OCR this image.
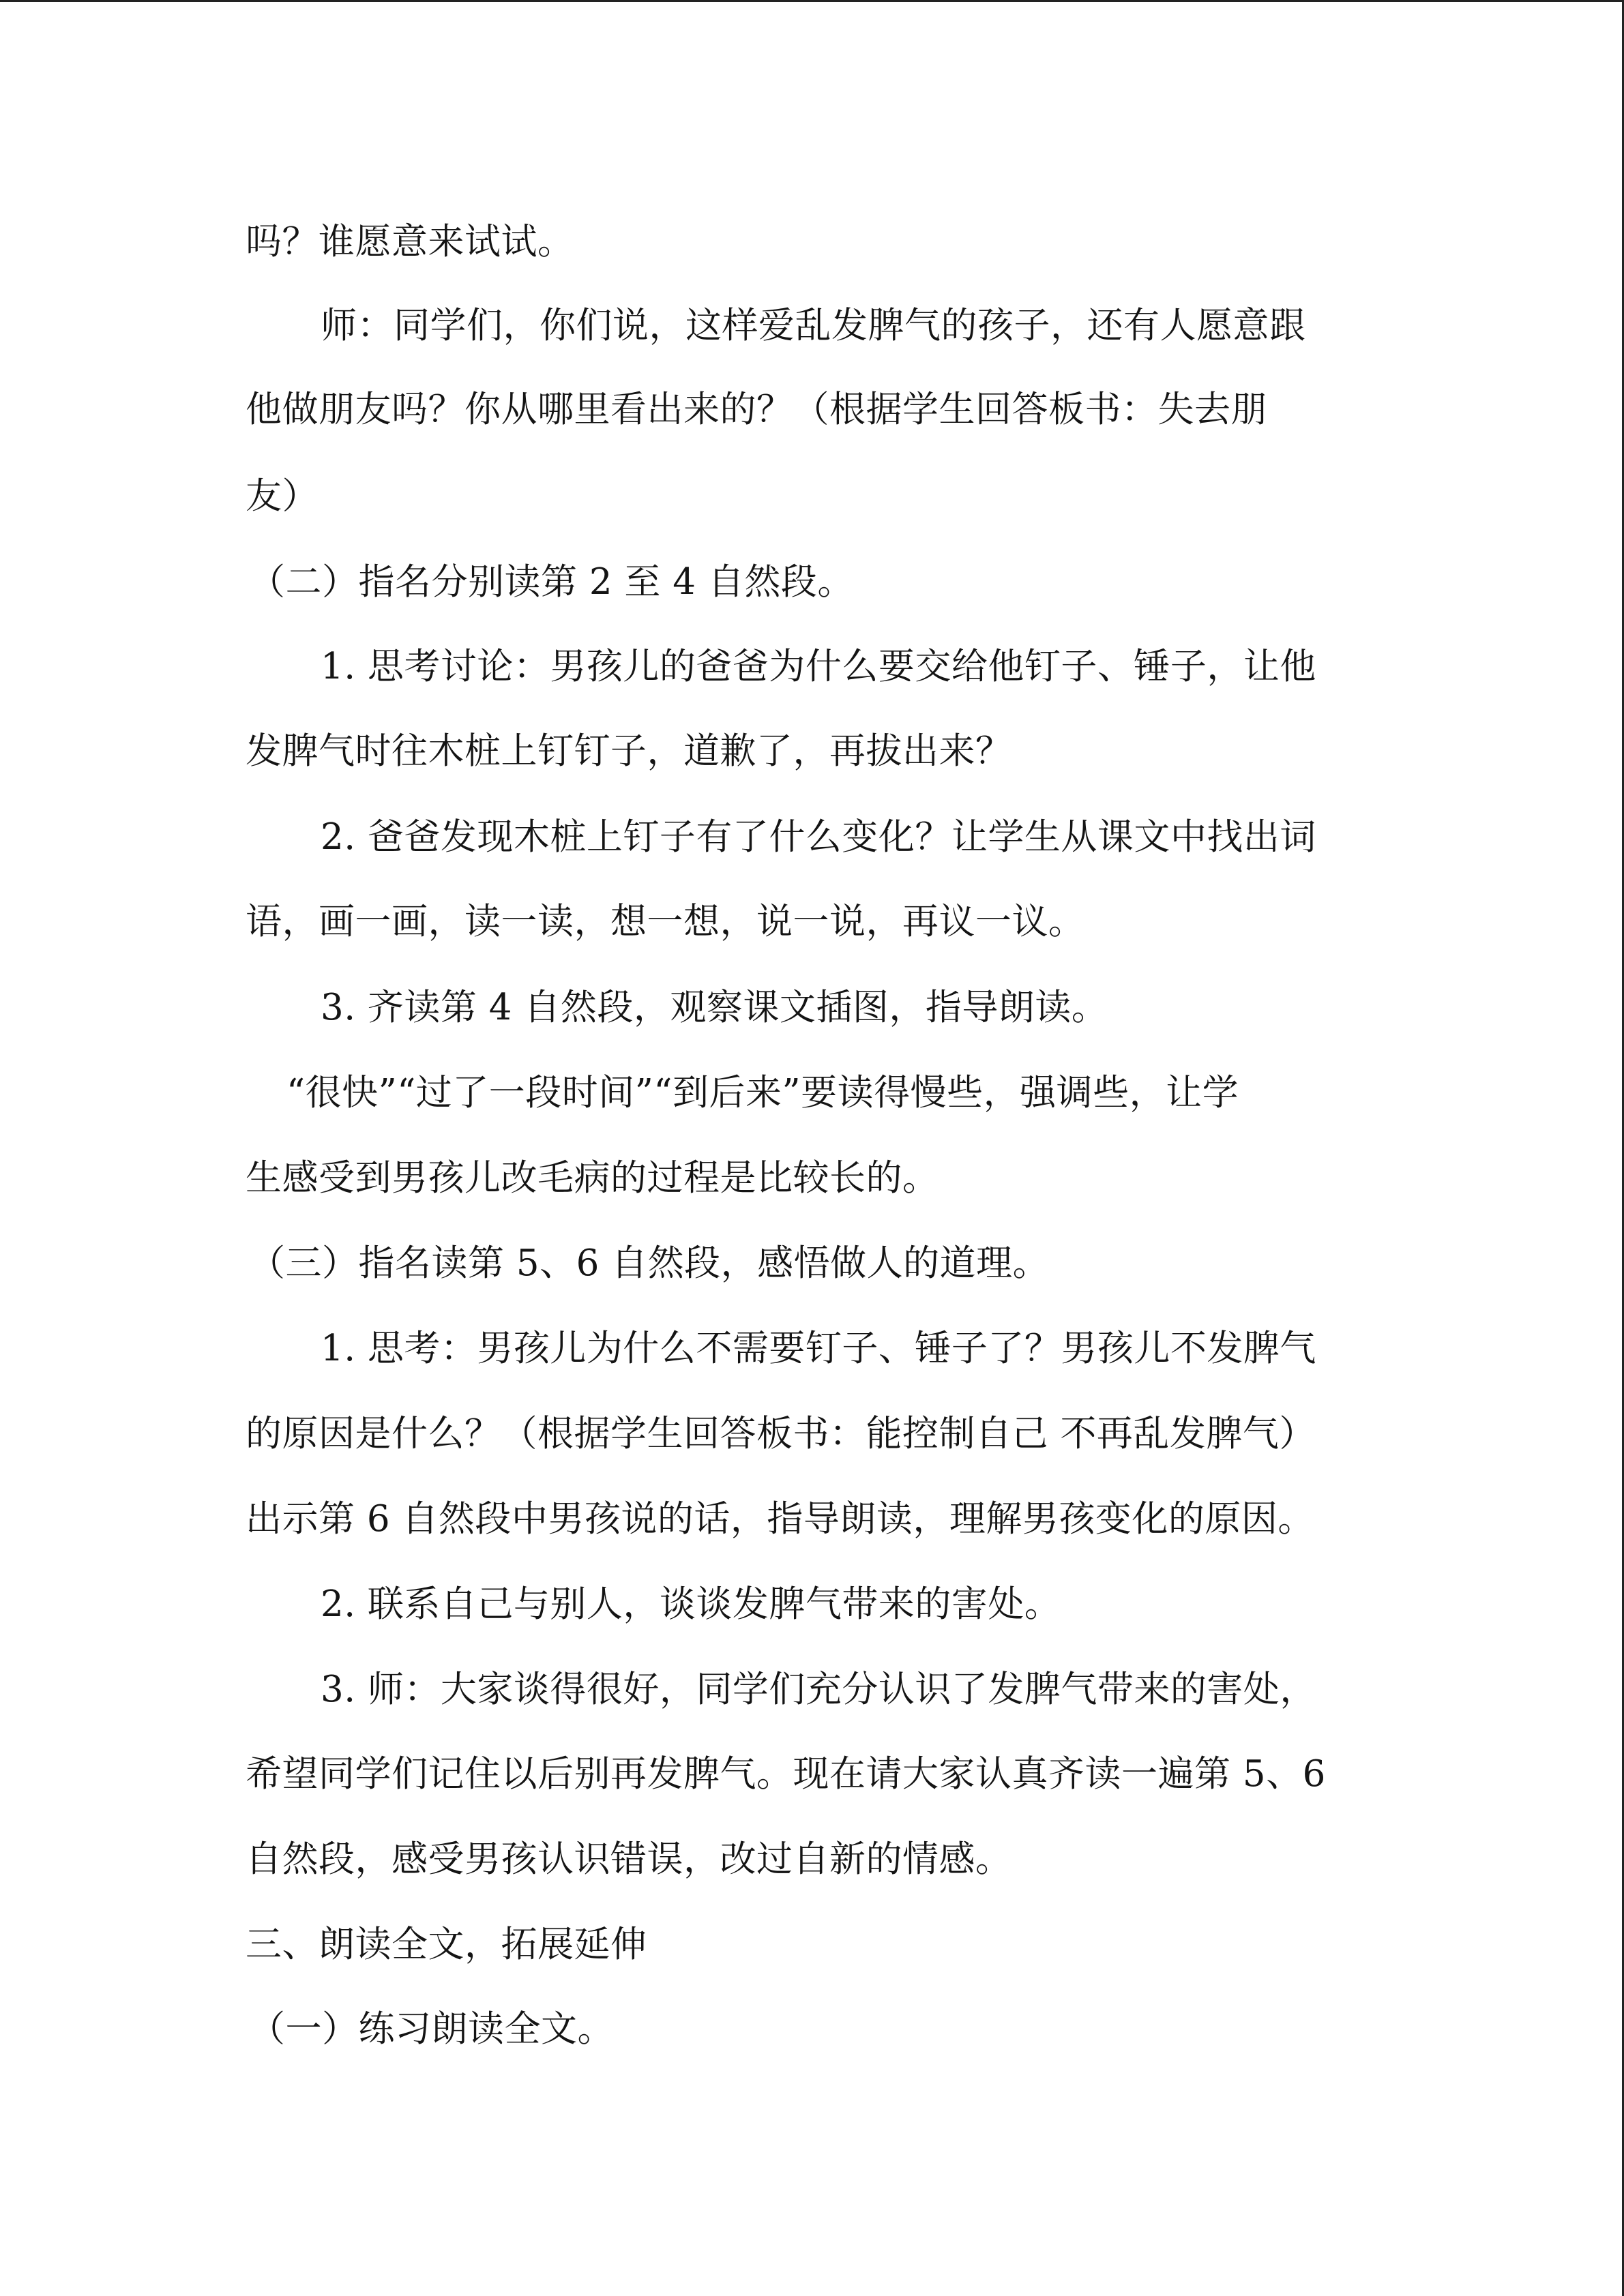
吗？谁愿意来试试。
师：同学们，你们说，这样爱乱发脾气的孩子，还有人愿意跟
他做朋友吗？你从哪里看出来的？（根据学生回答板书：失去朋
友）
（二）指名分别读第 2 至 4 自然段。
1. 思考讨论：男孩儿的爸爸为什么要交给他钉子、锤子，让他
发脾气时往木桩上钉钉子，道歉了，再拔出来？
2. 爸爸发现木桩上钉子有了什么变化？让学生从课文中找出词
语，画一画，读一读，想一想，说一说，再议一议。
3. 齐读第 4 自然段，观察课文插图，指导朗读。
“很快”“过了一段时间”“到后来”要读得慢些，强调些，让学
生感受到男孩儿改毛病的过程是比较长的。
（三）指名读第 5、6 自然段，感悟做人的道理。
1. 思考：男孩儿为什么不需要钉子、锤子了？男孩儿不发脾气
的原因是什么？（根据学生回答板书：能控制自己 不再乱发脾气）
出示第 6 自然段中男孩说的话，指导朗读，理解男孩变化的原因。
2. 联系自己与别人，谈谈发脾气带来的害处。
3. 师：大家谈得很好，同学们充分认识了发脾气带来的害处，
希望同学们记住以后别再发脾气。现在请大家认真齐读一遍第 5、6
自然段，感受男孩认识错误，改过自新的情感。
三、朗读全文，拓展延伸
（一）练习朗读全文。
